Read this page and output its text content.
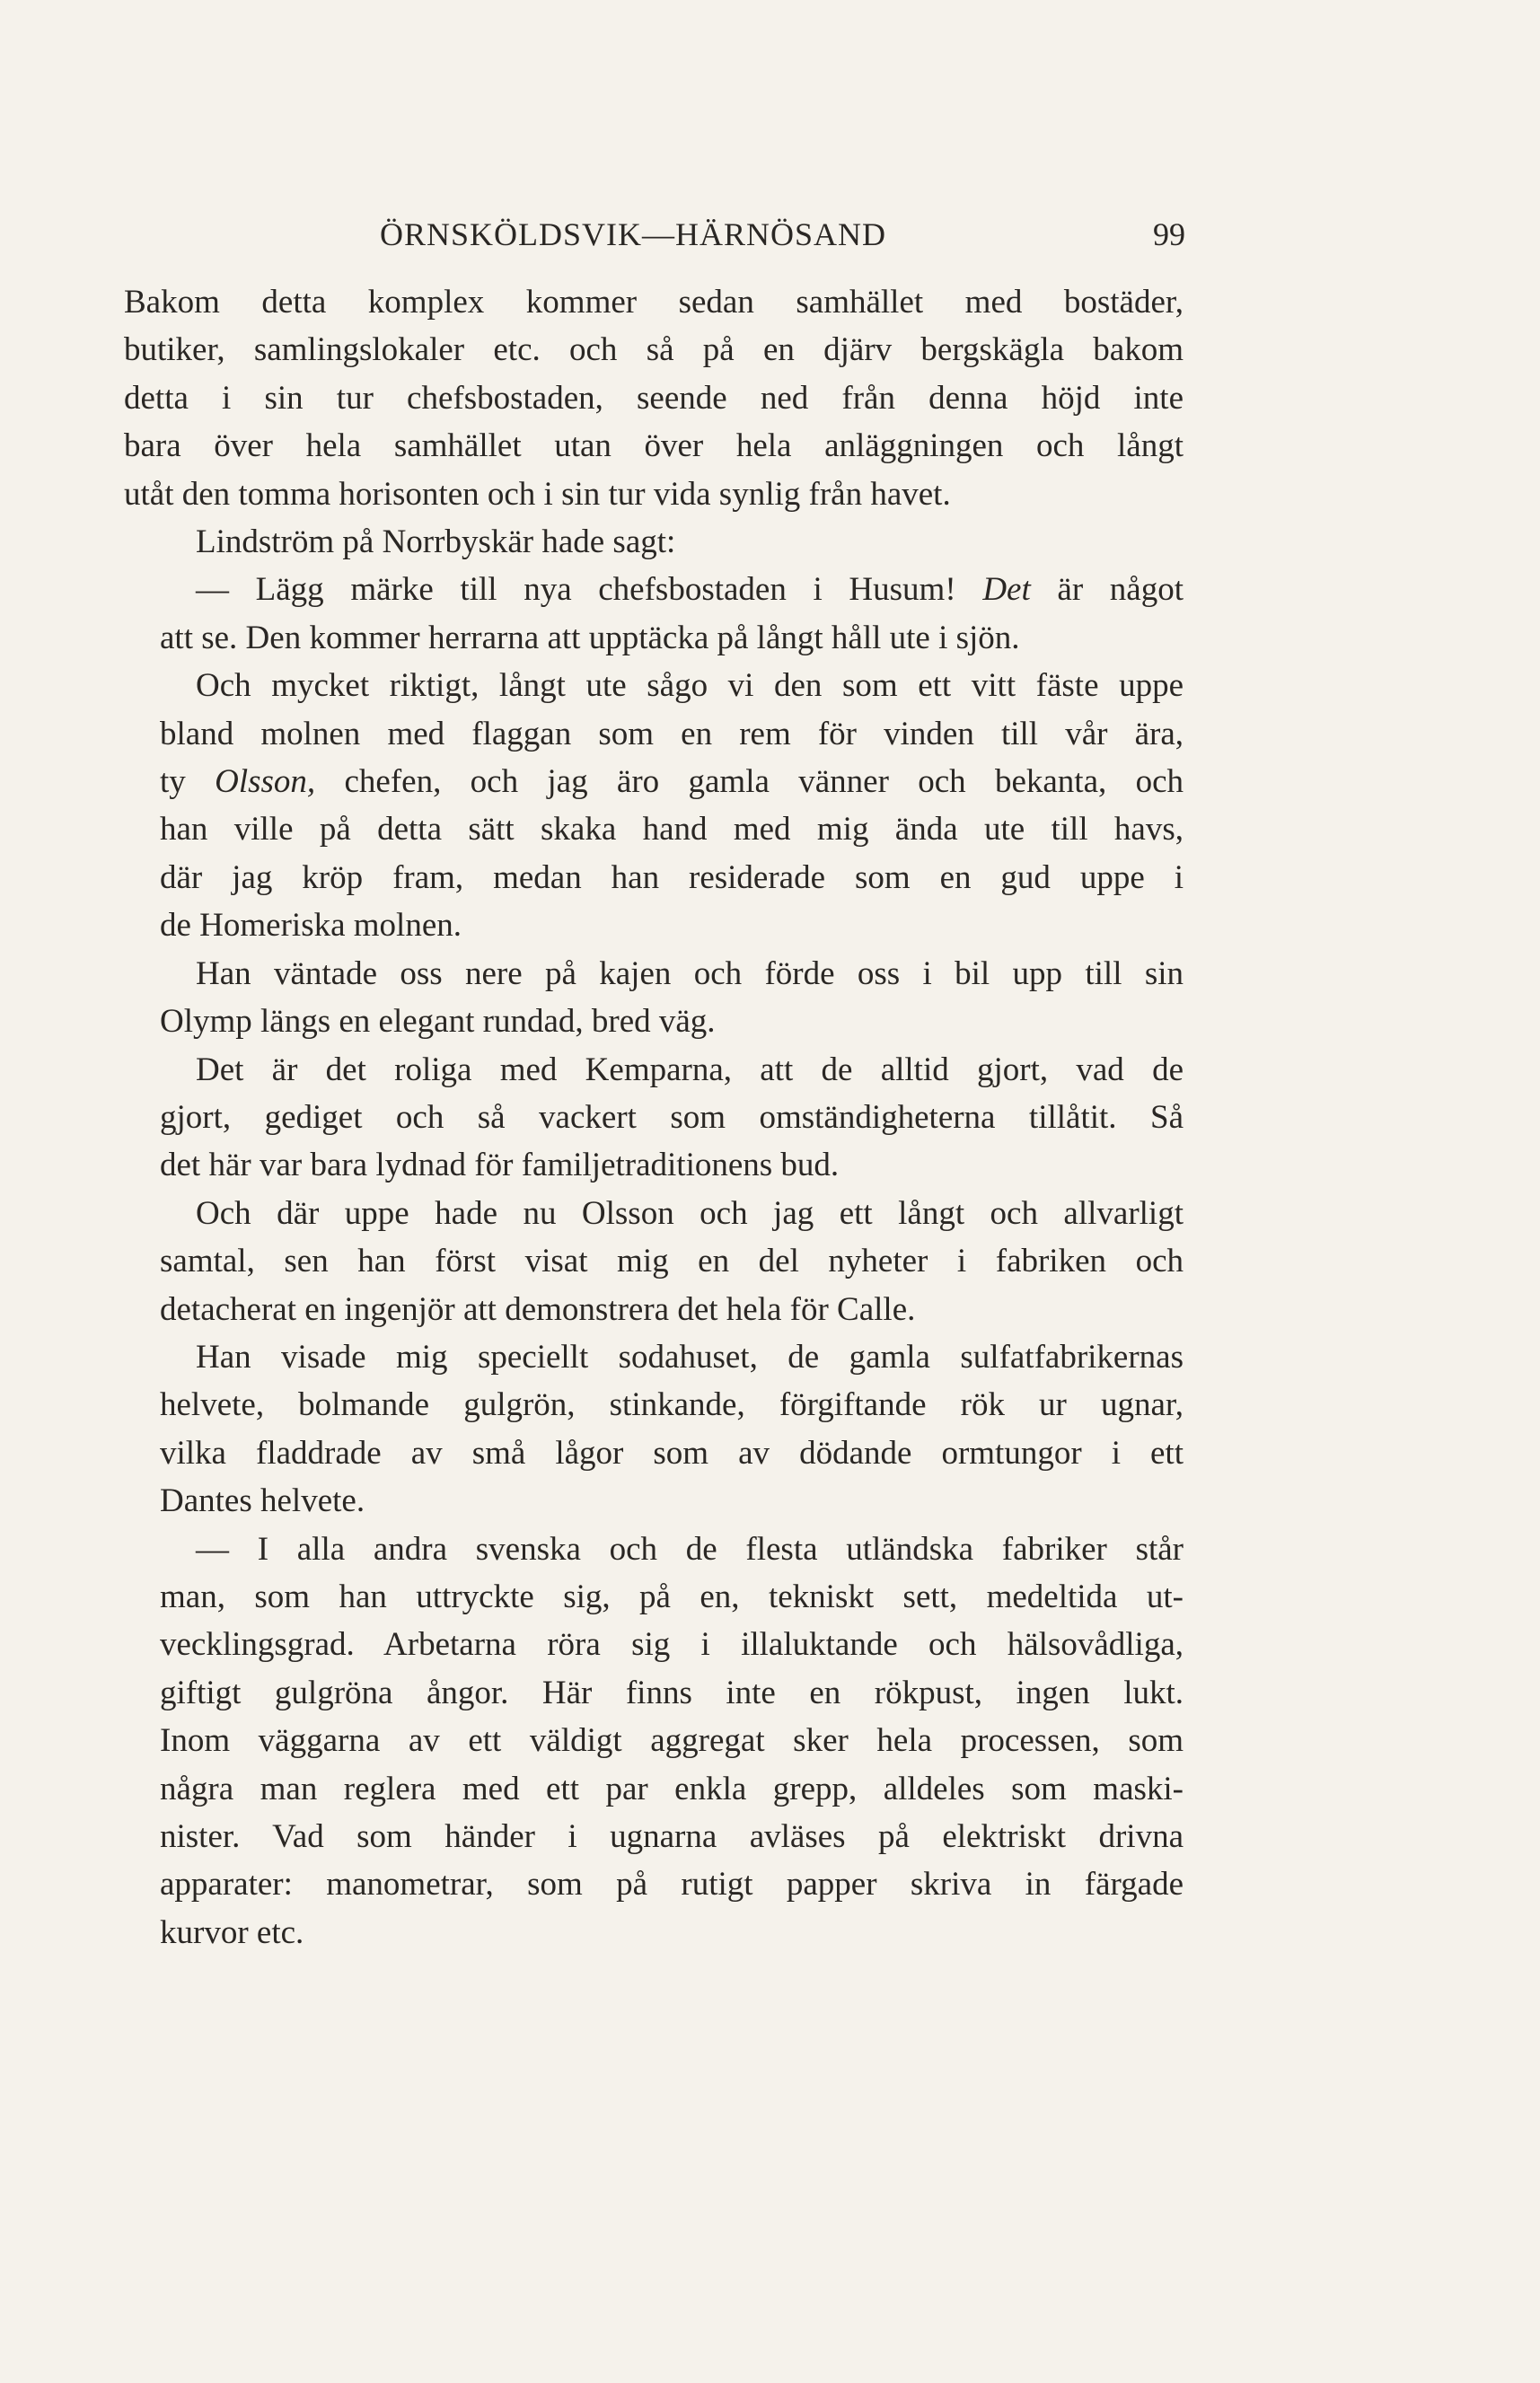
ÖRNSKÖLDSVIK—HÄRNÖSAND	99

Bakom detta komplex kommer sedan samhället med bostäder,
butiker, samlingslokaler etc. och så på en djärv bergskägla bakom
detta i sin tur chefsbostaden, seende ned från denna höjd inte
bara över hela samhället utan över hela anläggningen och långt
utåt den tomma horisonten och i sin tur vida synlig från havet.

Lindström på Norrbyskär hade sagt:

— Lägg märke till nya chefsbostaden i Husum! Det är något
att se. Den kommer herrarna att upptäcka på långt håll ute i sjön.

Och mycket riktigt, långt ute sågo vi den som ett vitt fäste uppe
bland molnen med flaggan som en rem för vinden till vår ära,
ty Olsson, chefen, och jag äro gamla vänner och bekanta, och
han ville på detta sätt skaka hand med mig ända ute till havs,
där jag kröp fram, medan han residerade som en gud uppe i
de Homeriska molnen.

Han väntade oss nere på kajen och förde oss i bil upp till sin
Olymp längs en elegant rundad, bred väg.

Det är det roliga med Kemparna, att de alltid gjort, vad de
gjort, gediget och så vackert som omständigheterna tillåtit. Så
det här var bara lydnad för familjetraditionens bud.

Och där uppe hade nu Olsson och jag ett långt och allvarligt
samtal, sen han först visat mig en del nyheter i fabriken och
detacherat en ingenjör att demonstrera det hela för Calle.

Han visade mig speciellt sodahuset, de gamla sulfatfabrikernas
helvete, bolmande gulgrön, stinkande, förgiftande rök ur ugnar,
vilka fladdrade av små lågor som av dödande ormtungor i ett
Dantes helvete.

— I alla andra svenska och de flesta utländska fabriker står
man, som han uttryckte sig, på en, tekniskt sett, medeltida ut-
vecklingsgrad. Arbetarna röra sig i illaluktande och hälsovådliga,
giftigt gulgröna ångor. Här finns inte en rökpust, ingen lukt.
Inom väggarna av ett väldigt aggregat sker hela processen, som
några man reglera med ett par enkla grepp, alldeles som maski-
nister. Vad som händer i ugnarna avläses på elektriskt drivna
apparater: manometrar, som på rutigt papper skriva in färgade
kurvor etc.
